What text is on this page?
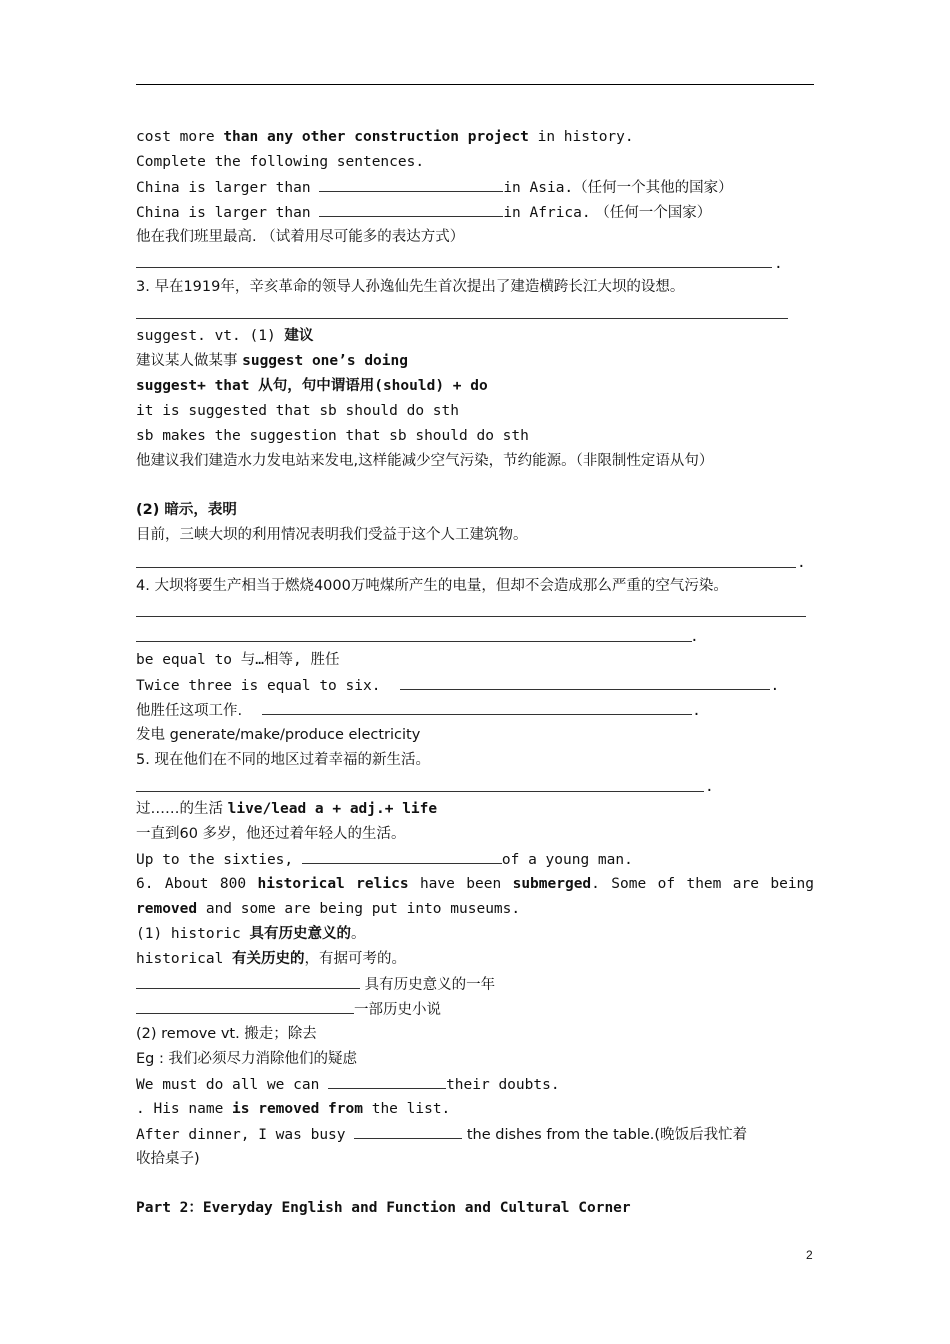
cost more than any other construction project in history.
Complete the following sentences.
China is larger than	in Asia.（任何一个其他的国家）
China is larger than	in Africa. （任何一个国家）
他在我们班里最高. （试着用尽可能多的表达方式）
.
3. 早在1919年，辛亥革命的领导人孙逸仙先生首次提出了建造横跨长江大坝的设想。
suggest. vt. (1) 建议
建议某人做某事 suggest one’s doing
suggest+ that 从句，句中谓语用(should) + do
it is suggested that sb should do sth
sb makes the suggestion that sb should do sth
他建议我们建造水力发电站来发电,这样能减少空气污染，节约能源。（非限制性定语从句）
(2) 暗示，表明
目前，三峡大坝的利用情况表明我们受益于这个人工建筑物。
.
4. 大坝将要生产相当于燃烧4000万吨煤所产生的电量，但却不会造成那么严重的空气污染。
.
be equal to 与…相等, 胜任
Twice three is equal to six.	.
他胜任这项工作.	.
发电 generate/make/produce electricity
5. 现在他们在不同的地区过着幸福的新生活。
.
过……的生活 live/lead a + adj.+ life
一直到60 多岁，他还过着年轻人的生活。
Up to the sixties,	of a young man.
6. About 800 historical relics have been submerged. Some of them are being
removed and some are being put into museums.
(1) historic 具有历史意义的。
historical 有关历史的，有据可考的。
具有历史意义的一年
一部历史小说
(2) remove vt. 搬走；除去
Eg : 我们必须尽力消除他们的疑虑
We must do all we can	their doubts.
. His name is removed from the list.
After dinner, I was busy	the dishes from the table.(晚饭后我忙着
收拾桌子)
Part 2：Everyday English and Function and Cultural Corner
2
